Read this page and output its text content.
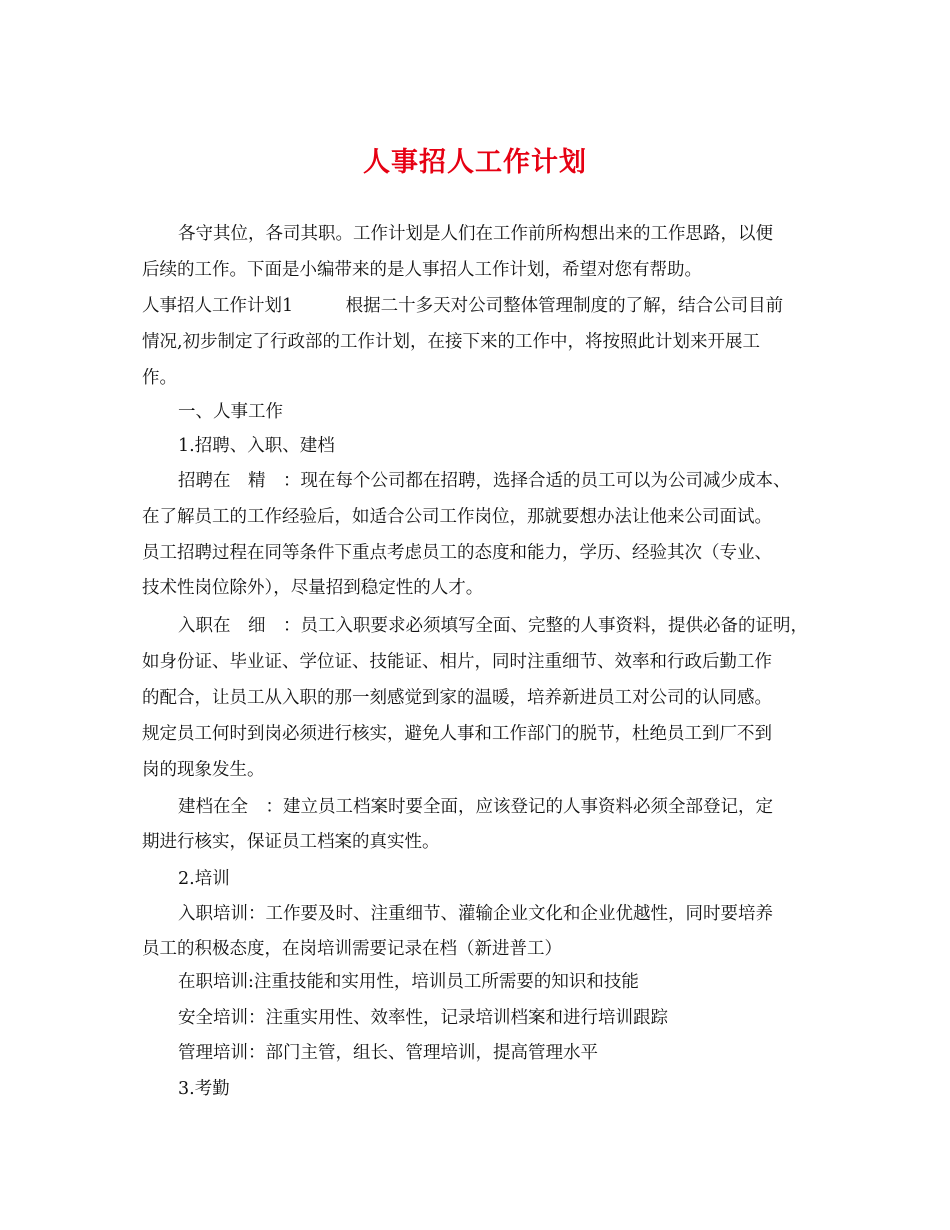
人事招人工作计划
各守其位，各司其职。工作计划是人们在工作前所构想出来的工作思路，以便
后续的工作。下面是小编带来的是人事招人工作计划，希望对您有帮助。
人事招人工作计划1　　　根据二十多天对公司整体管理制度的了解，结合公司目前
情况,初步制定了行政部的工作计划，在接下来的工作中，将按照此计划来开展工
作。
一、人事工作
1.招聘、入职、建档
招聘在　精　：现在每个公司都在招聘，选择合适的员工可以为公司减少成本、
在了解员工的工作经验后，如适合公司工作岗位，那就要想办法让他来公司面试。
员工招聘过程在同等条件下重点考虑员工的态度和能力，学历、经验其次（专业、
技术性岗位除外），尽量招到稳定性的人才。
入职在　细　：员工入职要求必须填写全面、完整的人事资料，提供必备的证明，
如身份证、毕业证、学位证、技能证、相片，同时注重细节、效率和行政后勤工作
的配合，让员工从入职的那一刻感觉到家的温暖，培养新进员工对公司的认同感。
规定员工何时到岗必须进行核实，避免人事和工作部门的脱节，杜绝员工到厂不到
岗的现象发生。
建档在全　：建立员工档案时要全面，应该登记的人事资料必须全部登记，定
期进行核实，保证员工档案的真实性。
2.培训
入职培训：工作要及时、注重细节、灌输企业文化和企业优越性，同时要培养
员工的积极态度，在岗培训需要记录在档（新进普工）
在职培训:注重技能和实用性，培训员工所需要的知识和技能
安全培训：注重实用性、效率性，记录培训档案和进行培训跟踪
管理培训：部门主管，组长、管理培训，提高管理水平
3.考勤
